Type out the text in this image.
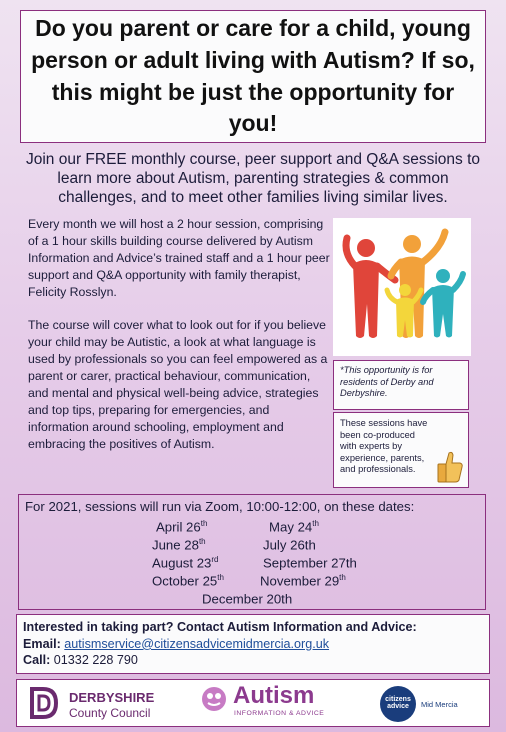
Do you parent or care for a child, young person or adult living with Autism? If so, this might be just the opportunity for you!
Join our FREE monthly course, peer support and Q&A sessions to learn more about Autism, parenting strategies & common challenges, and to meet other families living similar lives.
Every month we will host a 2 hour session, comprising of a 1 hour skills building course delivered by Autism Information and Advice’s trained staff and a 1 hour peer support and Q&A opportunity with family therapist, Felicity Rosslyn.
The course will cover what to look out for if you believe your child may be Autistic, a look at what language is used by professionals so you can feel empowered as a parent or carer, practical behaviour, communication, and mental and physical well-being advice, strategies and top tips, preparing for emergencies, and information around schooling, employment and embracing the positives of Autism.
*This opportunity is for residents of Derby and Derbyshire.
These sessions have been co-produced with experts by experience, parents, and professionals.
For 2021, sessions will run via Zoom, 10:00-12:00, on these dates:
April 26th	May 24th
June 28th	July 26th
August 23rd	September 27th
October 25th	November 29th
December 20th
Interested in taking part? Contact Autism Information and Advice:
Email: autismservice@citizensadvicemidmercia.org.uk
Call: 01332 228 790
DERBYSHIRE
County Council
Autism
INFORMATION & ADVICE
citizens advice	Mid Mercia
